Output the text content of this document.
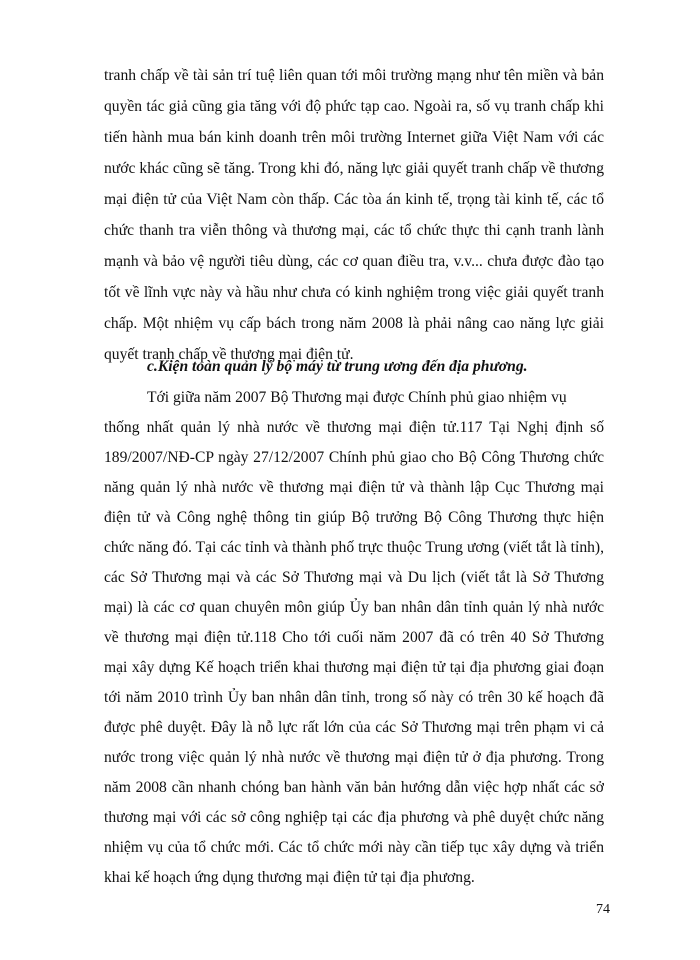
tranh chấp về tài sản trí tuệ liên quan tới môi trường mạng như tên miền và bản
quyền tác giả cũng gia tăng với độ phức tạp cao. Ngoài ra, số vụ tranh chấp khi
tiến hành mua bán kinh doanh trên môi trường Internet giữa Việt Nam với các
nước khác cũng sẽ tăng. Trong khi đó, năng lực giải quyết tranh chấp về thương
mại điện tử của Việt Nam còn thấp. Các tòa án kinh tế, trọng tài kinh tế, các tổ
chức thanh tra viễn thông và thương mại, các tổ chức thực thi cạnh tranh lành
mạnh và bảo vệ người tiêu dùng, các cơ quan điều tra, v.v... chưa được đào tạo
tốt về lĩnh vực này và hầu như chưa có kinh nghiệm trong việc giải quyết tranh
chấp. Một nhiệm vụ cấp bách trong năm 2008 là phải nâng cao năng lực giải
quyết tranh chấp về thương mại điện tử.
c.Kiện toàn quản lý bộ máy từ trung ương đến địa phương.
Tới giữa năm 2007 Bộ Thương mại được Chính phủ giao nhiệm vụ
thống nhất quản lý nhà nước về thương mại điện tử.117 Tại Nghị định số
189/2007/NĐ-CP ngày 27/12/2007 Chính phủ giao cho Bộ Công Thương chức
năng quản lý nhà nước về thương mại điện tử và thành lập Cục Thương mại
điện tử và Công nghệ thông tin giúp Bộ trưởng Bộ Công Thương thực hiện
chức năng đó. Tại các tỉnh và thành phố trực thuộc Trung ương (viết tắt là tỉnh),
các Sở Thương mại và các Sở Thương mại và Du lịch (viết tắt là Sở Thương
mại) là các cơ quan chuyên môn giúp Ủy ban nhân dân tỉnh quản lý nhà nước
về thương mại điện tử.118 Cho tới cuối năm 2007 đã có trên 40 Sở Thương
mại xây dựng Kế hoạch triển khai thương mại điện tử tại địa phương giai đoạn
tới năm 2010 trình Ủy ban nhân dân tỉnh, trong số này có trên 30 kế hoạch đã
được phê duyệt. Đây là nỗ lực rất lớn của các Sở Thương mại trên phạm vi cả
nước trong việc quản lý nhà nước về thương mại điện tử ở địa phương. Trong
năm 2008 cần nhanh chóng ban hành văn bản hướng dẫn việc hợp nhất các sở
thương mại với các sở công nghiệp tại các địa phương và phê duyệt chức năng
nhiệm vụ của tổ chức mới. Các tổ chức mới này cần tiếp tục xây dựng và triển
khai kế hoạch ứng dụng thương mại điện tử tại địa phương.
74
